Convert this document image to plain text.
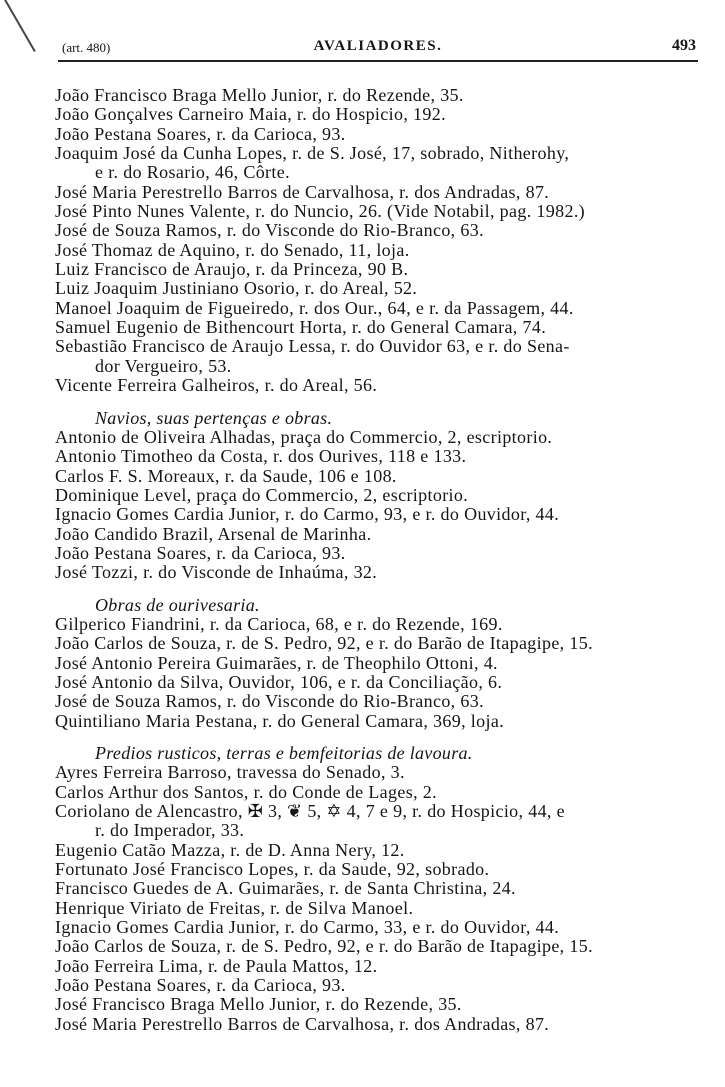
(art. 480)	AVALIADORES.	493
João Francisco Braga Mello Junior, r. do Rezende, 35.
João Gonçalves Carneiro Maia, r. do Hospicio, 192.
João Pestana Soares, r. da Carioca, 93.
Joaquim José da Cunha Lopes, r. de S. José, 17, sobrado, Nitherohy,
e r. do Rosario, 46, Côrte.
José Maria Perestrello Barros de Carvalhosa, r. dos Andradas, 87.
José Pinto Nunes Valente, r. do Nuncio, 26. (Vide Notabil, pag. 1982.)
José de Souza Ramos, r. do Visconde do Rio-Branco, 63.
José Thomaz de Aquino, r. do Senado, 11, loja.
Luiz Francisco de Araujo, r. da Princeza, 90 B.
Luiz Joaquim Justiniano Osorio, r. do Areal, 52.
Manoel Joaquim de Figueiredo, r. dos Our., 64, e r. da Passagem, 44.
Samuel Eugenio de Bithencourt Horta, r. do General Camara, 74.
Sebastião Francisco de Araujo Lessa, r. do Ouvidor 63, e r. do Sena-
dor Vergueiro, 53.
Vicente Ferreira Galheiros, r. do Areal, 56.
Navios, suas pertenças e obras.
Antonio de Oliveira Alhadas, praça do Commercio, 2, escriptorio.
Antonio Timotheo da Costa, r. dos Ourives, 118 e 133.
Carlos F. S. Moreaux, r. da Saude, 106 e 108.
Dominique Level, praça do Commercio, 2, escriptorio.
Ignacio Gomes Cardia Junior, r. do Carmo, 93, e r. do Ouvidor, 44.
João Candido Brazil, Arsenal de Marinha.
João Pestana Soares, r. da Carioca, 93.
José Tozzi, r. do Visconde de Inhaúma, 32.
Obras de ourivesaria.
Gilperico Fiandrini, r. da Carioca, 68, e r. do Rezende, 169.
João Carlos de Souza, r. de S. Pedro, 92, e r. do Barão de Itapagipe, 15.
José Antonio Pereira Guimarães, r. de Theophilo Ottoni, 4.
José Antonio da Silva, Ouvidor, 106, e r. da Conciliação, 6.
José de Souza Ramos, r. do Visconde do Rio-Branco, 63.
Quintiliano Maria Pestana, r. do General Camara, 369, loja.
Predios rusticos, terras e bemfeitorias de lavoura.
Ayres Ferreira Barroso, travessa do Senado, 3.
Carlos Arthur dos Santos, r. do Conde de Lages, 2.
Coriolano de Alencastro, ✠ 3, ❦ 5, ✡ 4, 7 e 9, r. do Hospicio, 44, e
r. do Imperador, 33.
Eugenio Catão Mazza, r. de D. Anna Nery, 12.
Fortunato José Francisco Lopes, r. da Saude, 92, sobrado.
Francisco Guedes de A. Guimarães, r. de Santa Christina, 24.
Henrique Viriato de Freitas, r. de Silva Manoel.
Ignacio Gomes Cardia Junior, r. do Carmo, 33, e r. do Ouvidor, 44.
João Carlos de Souza, r. de S. Pedro, 92, e r. do Barão de Itapagipe, 15.
João Ferreira Lima, r. de Paula Mattos, 12.
João Pestana Soares, r. da Carioca, 93.
José Francisco Braga Mello Junior, r. do Rezende, 35.
José Maria Perestrello Barros de Carvalhosa, r. dos Andradas, 87.
